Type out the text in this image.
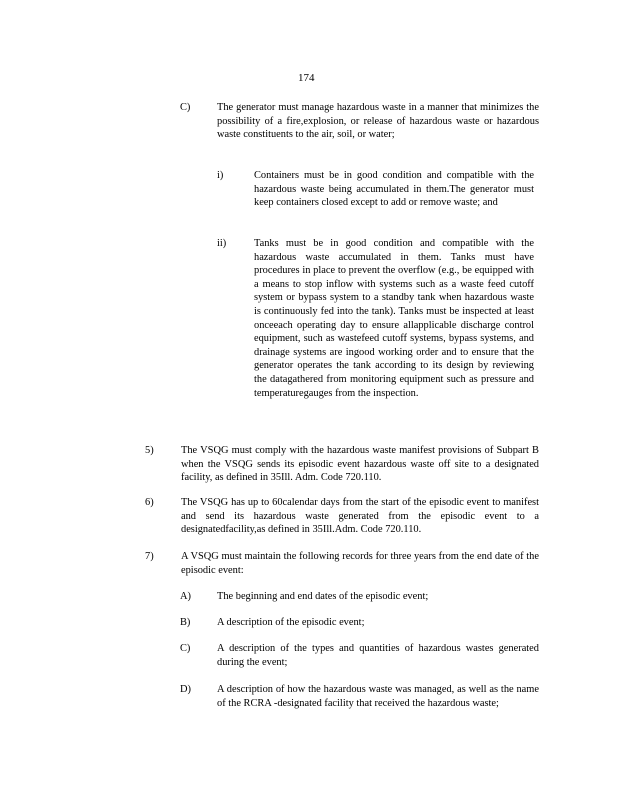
174
C)	The generator must manage hazardous waste in a manner that minimizes the possibility of a fire,explosion, or release of hazardous waste or hazardous waste constituents to the air, soil, or water;
i)	Containers must be in good condition and compatible with the hazardous waste being accumulated in them.The generator must keep containers closed except to add or remove waste; and
ii)	Tanks must be in good condition and compatible with the hazardous waste accumulated in them. Tanks must have procedures in place to prevent the overflow (e.g., be equipped with a means to stop inflow with systems such as a waste feed cutoff system or bypass system to a standby tank when hazardous waste is continuously fed into the tank). Tanks must be inspected at least onceeach operating day to ensure allapplicable discharge control equipment, such as wastefeed cutoff systems, bypass systems, and drainage systems are ingood working order and to ensure that the generator operates the tank according to its design by reviewing the datagathered from monitoring equipment such as pressure and temperaturegauges from the inspection.
5)	The VSQG must comply with the hazardous waste manifest provisions of Subpart B when the VSQG sends its episodic event hazardous waste off site to a designated facility, as defined in 35Ill. Adm. Code 720.110.
6)	The VSQG has up to 60calendar days from the start of the episodic event to manifest and send its hazardous waste generated from the episodic event to a designatedfacility,as defined in 35Ill.Adm. Code 720.110.
7)	A VSQG must maintain the following records for three years from the end date of the episodic event:
A)	The beginning and end dates of the episodic event;
B)	A description of the episodic event;
C)	A description of the types and quantities of hazardous wastes generated during the event;
D)	A description of how the hazardous waste was managed, as well as the name of the RCRA -designated facility that received the hazardous waste;
